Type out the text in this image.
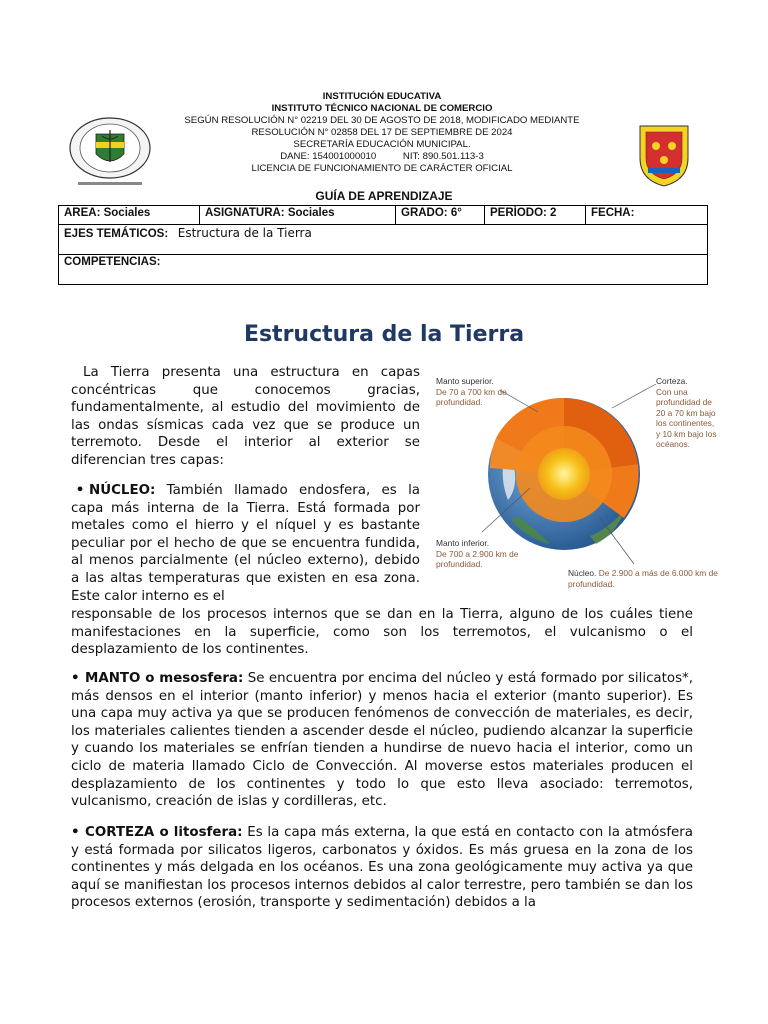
INSTITUCIÓN EDUCATIVA
INSTITUTO TÉCNICO NACIONAL DE COMERCIO
SEGÚN RESOLUCIÓN N° 02219 DEL 30 DE AGOSTO DE 2018, MODIFICADO MEDIANTE
RESOLUCIÓN N° 02858 DEL 17 DE SEPTIEMBRE DE 2024
SECRETARÍA EDUCACIÓN MUNICIPAL.
DANE: 154001000010          NIT: 890.501.113-3
LICENCIA DE FUNCIONAMIENTO DE CARÁCTER OFICIAL
GUÍA DE APRENDIZAJE
AREA: Sociales	ASIGNATURA: Sociales	GRADO: 6°	PERÍODO: 2	FECHA:
EJES TEMÁTICOS: Estructura de la Tierra
COMPETENCIAS:
Estructura de la Tierra
La Tierra presenta una estructura en capas concéntricas que conocemos gracias, fundamentalmente, al estudio del movimiento de las ondas sísmicas cada vez que se produce un terremoto. Desde el interior al exterior se diferencian tres capas:
• NÚCLEO: También llamado endosfera, es la capa más interna de la Tierra. Está formada por metales como el hierro y el níquel y es bastante peculiar por el hecho de que se encuentra fundida, al menos parcialmente (el núcleo externo), debido a las altas temperaturas que existen en esa zona. Este calor interno es el
responsable de los procesos internos que se dan en la Tierra, alguno de los cuáles tiene manifestaciones en la superficie, como son los terremotos, el vulcanismo o el desplazamiento de los continentes.
• MANTO o mesosfera: Se encuentra por encima del núcleo y está formado por silicatos*, más densos en el interior (manto inferior) y menos hacia el exterior (manto superior). Es una capa muy activa ya que se producen fenómenos de convección de materiales, es decir, los materiales calientes tienden a ascender desde el núcleo, pudiendo alcanzar la superficie y cuando los materiales se enfrían tienden a hundirse de nuevo hacia el interior, como un ciclo de materia llamado Ciclo de Convección. Al moverse estos materiales producen el desplazamiento de los continentes y todo lo que esto lleva asociado: terremotos, vulcanismo, creación de islas y cordilleras, etc.
• CORTEZA o litosfera: Es la capa más externa, la que está en contacto con la atmósfera y está formada por silicatos ligeros, carbonatos y óxidos. Es más gruesa en la zona de los continentes y más delgada en los océanos. Es una zona geológicamente muy activa ya que aquí se manifiestan los procesos internos debidos al calor terrestre, pero también se dan los procesos externos (erosión, transporte y sedimentación) debidos a la
Manto superior.
De 70 a 700 km de profundidad.
Corteza.
Con una profundidad de 20 a 70 km bajo los continentes, y 10 km bajo los océanos.
Manto inferior.
De 700 a 2.900 km de profundidad.
Núcleo. De 2.900 a más de 6.000 km de profundidad.
